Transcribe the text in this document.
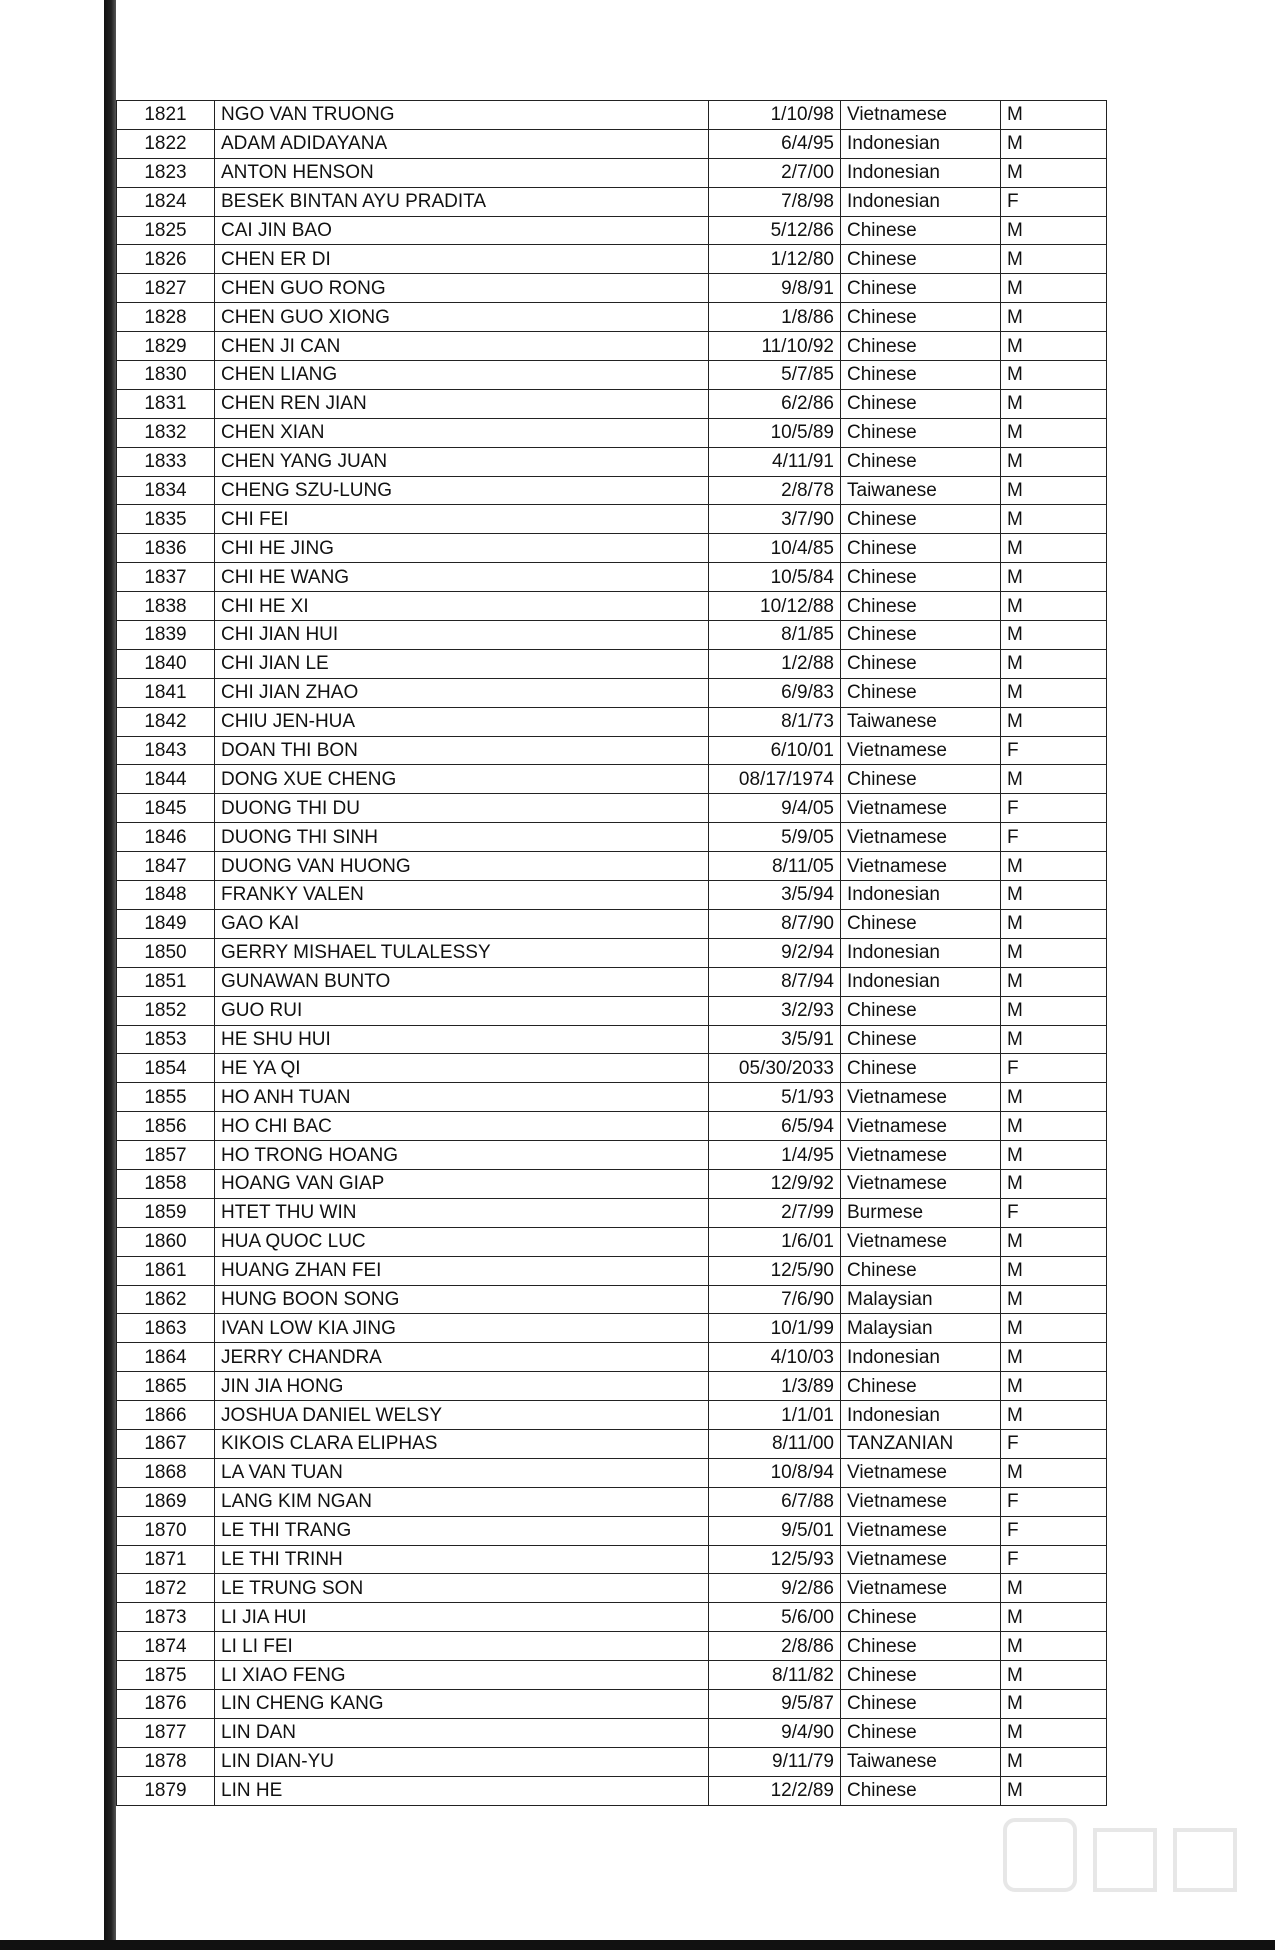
1821	NGO VAN TRUONG	1/10/98	Vietnamese	M
1822	ADAM ADIDAYANA	6/4/95	Indonesian	M
1823	ANTON HENSON	2/7/00	Indonesian	M
1824	BESEK BINTAN AYU PRADITA	7/8/98	Indonesian	F
1825	CAI JIN BAO	5/12/86	Chinese	M
1826	CHEN ER DI	1/12/80	Chinese	M
1827	CHEN GUO RONG	9/8/91	Chinese	M
1828	CHEN GUO XIONG	1/8/86	Chinese	M
1829	CHEN JI CAN	11/10/92	Chinese	M
1830	CHEN LIANG	5/7/85	Chinese	M
1831	CHEN REN JIAN	6/2/86	Chinese	M
1832	CHEN XIAN	10/5/89	Chinese	M
1833	CHEN YANG JUAN	4/11/91	Chinese	M
1834	CHENG SZU-LUNG	2/8/78	Taiwanese	M
1835	CHI FEI	3/7/90	Chinese	M
1836	CHI HE JING	10/4/85	Chinese	M
1837	CHI HE WANG	10/5/84	Chinese	M
1838	CHI HE XI	10/12/88	Chinese	M
1839	CHI JIAN HUI	8/1/85	Chinese	M
1840	CHI JIAN LE	1/2/88	Chinese	M
1841	CHI JIAN ZHAO	6/9/83	Chinese	M
1842	CHIU JEN-HUA	8/1/73	Taiwanese	M
1843	DOAN THI BON	6/10/01	Vietnamese	F
1844	DONG XUE CHENG	08/17/1974	Chinese	M
1845	DUONG THI DU	9/4/05	Vietnamese	F
1846	DUONG THI SINH	5/9/05	Vietnamese	F
1847	DUONG VAN HUONG	8/11/05	Vietnamese	M
1848	FRANKY VALEN	3/5/94	Indonesian	M
1849	GAO KAI	8/7/90	Chinese	M
1850	GERRY MISHAEL TULALESSY	9/2/94	Indonesian	M
1851	GUNAWAN BUNTO	8/7/94	Indonesian	M
1852	GUO RUI	3/2/93	Chinese	M
1853	HE SHU HUI	3/5/91	Chinese	M
1854	HE YA QI	05/30/2033	Chinese	F
1855	HO ANH TUAN	5/1/93	Vietnamese	M
1856	HO CHI BAC	6/5/94	Vietnamese	M
1857	HO TRONG HOANG	1/4/95	Vietnamese	M
1858	HOANG VAN GIAP	12/9/92	Vietnamese	M
1859	HTET THU WIN	2/7/99	Burmese	F
1860	HUA QUOC LUC	1/6/01	Vietnamese	M
1861	HUANG ZHAN FEI	12/5/90	Chinese	M
1862	HUNG BOON SONG	7/6/90	Malaysian	M
1863	IVAN LOW KIA JING	10/1/99	Malaysian	M
1864	JERRY CHANDRA	4/10/03	Indonesian	M
1865	JIN JIA HONG	1/3/89	Chinese	M
1866	JOSHUA DANIEL WELSY	1/1/01	Indonesian	M
1867	KIKOIS CLARA ELIPHAS	8/11/00	TANZANIAN	F
1868	LA VAN TUAN	10/8/94	Vietnamese	M
1869	LANG KIM NGAN	6/7/88	Vietnamese	F
1870	LE THI TRANG	9/5/01	Vietnamese	F
1871	LE THI TRINH	12/5/93	Vietnamese	F
1872	LE TRUNG SON	9/2/86	Vietnamese	M
1873	LI JIA HUI	5/6/00	Chinese	M
1874	LI LI FEI	2/8/86	Chinese	M
1875	LI XIAO FENG	8/11/82	Chinese	M
1876	LIN CHENG KANG	9/5/87	Chinese	M
1877	LIN DAN	9/4/90	Chinese	M
1878	LIN DIAN-YU	9/11/79	Taiwanese	M
1879	LIN HE	12/2/89	Chinese	M
